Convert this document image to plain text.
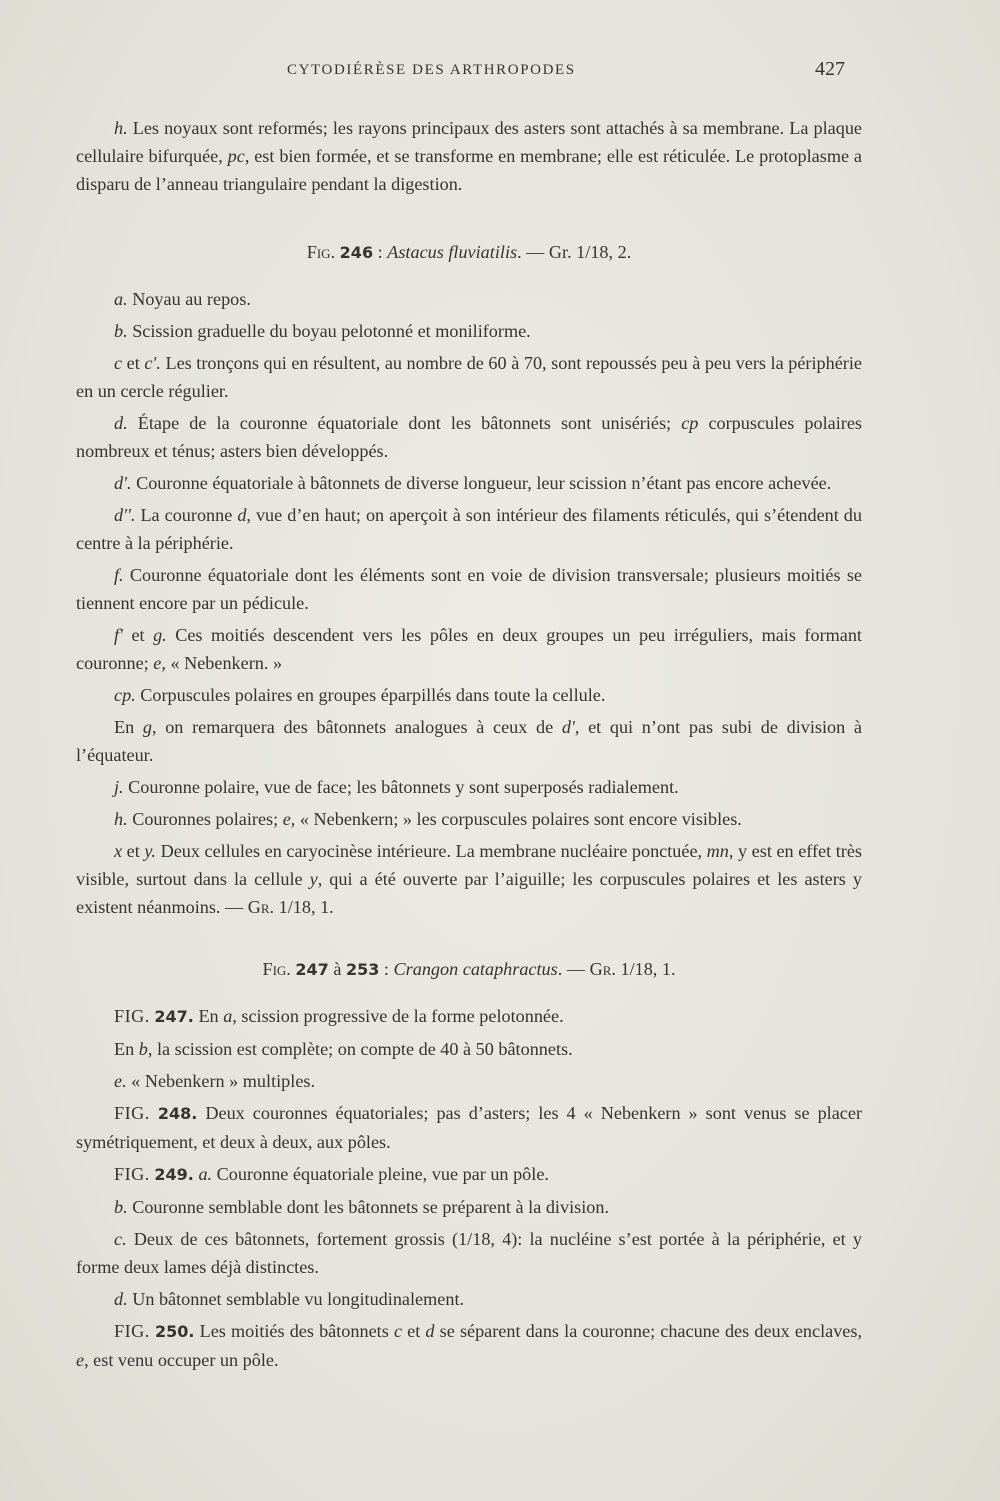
CYTODIÉRÈSE DES ARTHROPODES	427

h. Les noyaux sont reformés; les rayons principaux des asters sont attachés à sa membrane. La plaque cellulaire bifurquée, pc, est bien formée, et se transforme en membrane; elle est réticulée. Le protoplasme a disparu de l’anneau triangulaire pendant la digestion.

Fig. 246 : Astacus fluviatilis. — Gr. 1/18, 2.

a. Noyau au repos.

b. Scission graduelle du boyau pelotonné et moniliforme.

c et c'. Les tronçons qui en résultent, au nombre de 60 à 70, sont repoussés peu à peu vers la périphérie en un cercle régulier.

d. Étape de la couronne équatoriale dont les bâtonnets sont unisériés; cp corpuscules polaires nombreux et ténus; asters bien développés.

d'. Couronne équatoriale à bâtonnets de diverse longueur, leur scission n’étant pas encore achevée.

d''. La couronne d, vue d’en haut; on aperçoit à son intérieur des filaments réticulés, qui s’étendent du centre à la périphérie.

f. Couronne équatoriale dont les éléments sont en voie de division transversale; plusieurs moitiés se tiennent encore par un pédicule.

f' et g. Ces moitiés descendent vers les pôles en deux groupes un peu irréguliers, mais formant couronne; e, « Nebenkern. »

cp. Corpuscules polaires en groupes éparpillés dans toute la cellule.

En g, on remarquera des bâtonnets analogues à ceux de d', et qui n’ont pas subi de division à l’équateur.

j. Couronne polaire, vue de face; les bâtonnets y sont superposés radialement.

h. Couronnes polaires; e, « Nebenkern; » les corpuscules polaires sont encore visibles.

x et y. Deux cellules en caryocinèse intérieure. La membrane nucléaire ponctuée, mn, y est en effet très visible, surtout dans la cellule y, qui a été ouverte par l’aiguille; les corpuscules polaires et les asters y existent néanmoins. — Gr. 1/18, 1.

Fig. 247 à 253 : Crangon cataphractus. — Gr. 1/18, 1.

FIG. 247. En a, scission progressive de la forme pelotonnée.

En b, la scission est complète; on compte de 40 à 50 bâtonnets.

e. « Nebenkern » multiples.

FIG. 248. Deux couronnes équatoriales; pas d’asters; les 4 « Nebenkern » sont venus se placer symétriquement, et deux à deux, aux pôles.

FIG. 249. a. Couronne équatoriale pleine, vue par un pôle.

b. Couronne semblable dont les bâtonnets se préparent à la division.

c. Deux de ces bâtonnets, fortement grossis (1/18, 4): la nucléine s’est portée à la périphérie, et y forme deux lames déjà distinctes.

d. Un bâtonnet semblable vu longitudinalement.

FIG. 250. Les moitiés des bâtonnets c et d se séparent dans la couronne; chacune des deux enclaves, e, est venu occuper un pôle.
